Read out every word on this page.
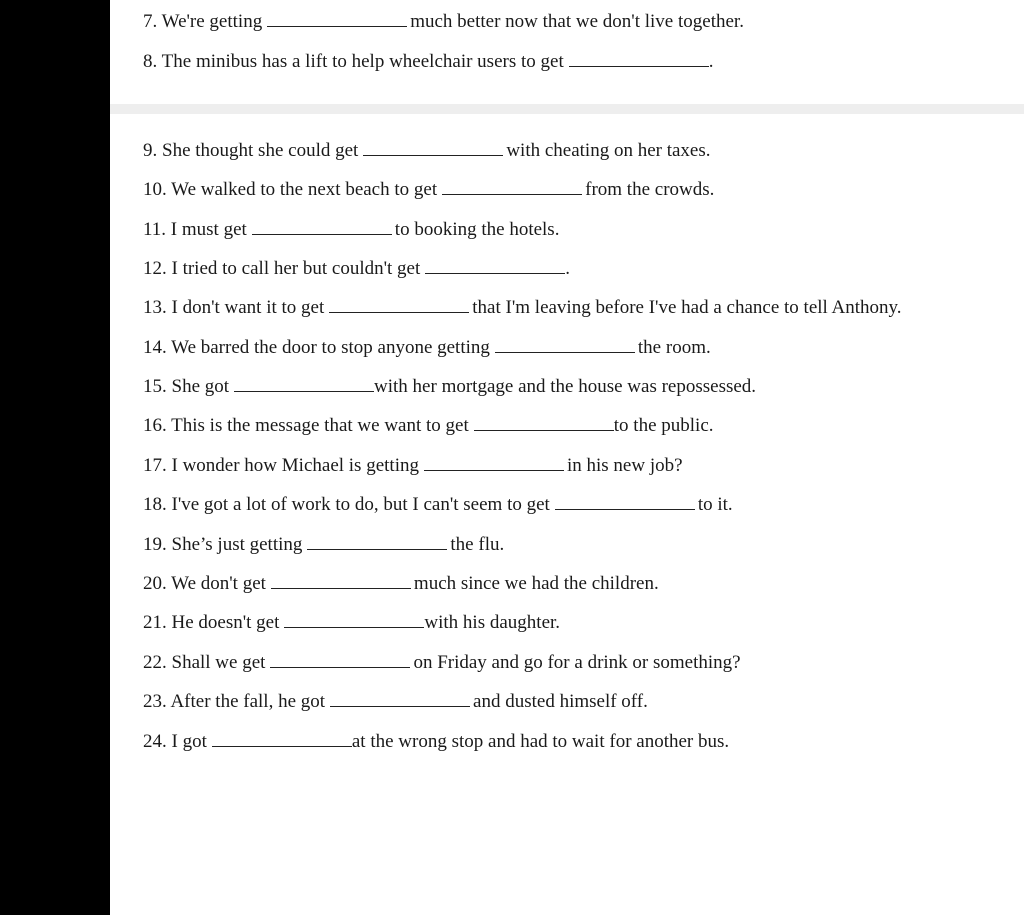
7. We're getting	much better now that we don't live together.
8. The minibus has a lift to help wheelchair users to get	.
9. She thought she could get	with cheating on her taxes.
10. We walked to the next beach to get	from the crowds.
11. I must get	to booking the hotels.
12. I tried to call her but couldn't get	.
13. I don't want it to get	that I'm leaving before I've had a chance to tell Anthony.
14. We barred the door to stop anyone getting	the room.
15. She got	with her mortgage and the house was repossessed.
16. This is the message that we want to get	to the public.
17. I wonder how Michael is getting	in his new job?
18. I've got a lot of work to do, but I can't seem to get	to it.
19. She’s just getting	the flu.
20. We don't get	much since we had the children.
21. He doesn't get	with his daughter.
22. Shall we get	on Friday and go for a drink or something?
23. After the fall, he got	and dusted himself off.
24. I got	at the wrong stop and had to wait for another bus.
